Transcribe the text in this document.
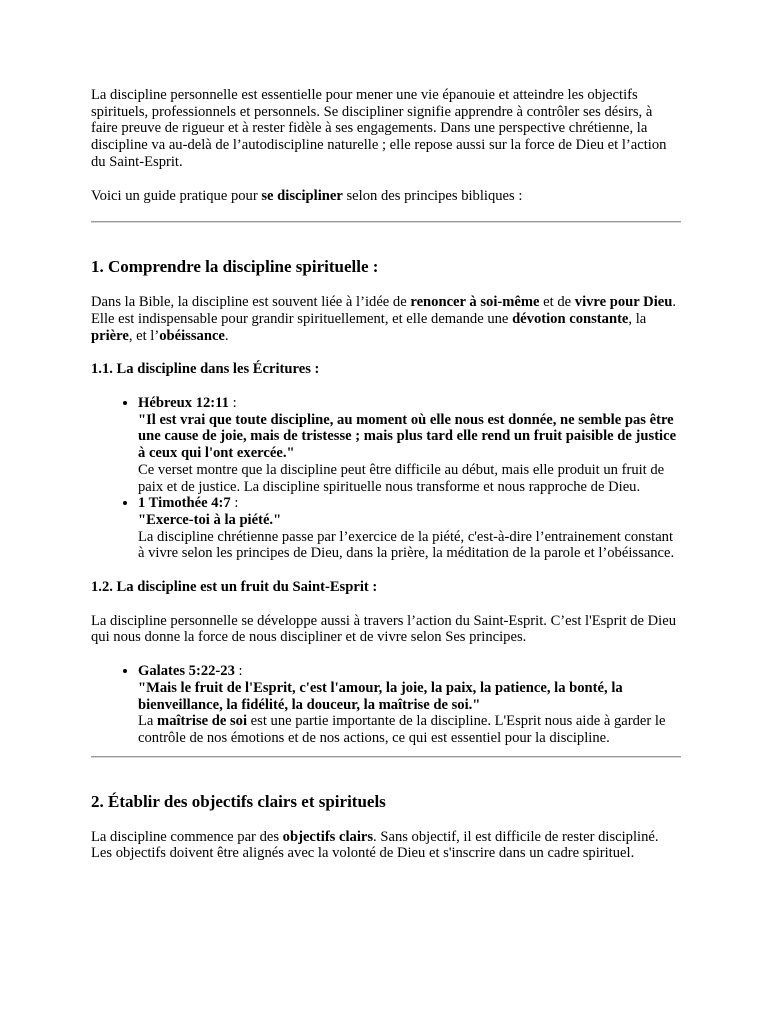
La discipline personnelle est essentielle pour mener une vie épanouie et atteindre les objectifs spirituels, professionnels et personnels. Se discipliner signifie apprendre à contrôler ses désirs, à faire preuve de rigueur et à rester fidèle à ses engagements. Dans une perspective chrétienne, la discipline va au-delà de l’autodiscipline naturelle ; elle repose aussi sur la force de Dieu et l’action du Saint-Esprit.

Voici un guide pratique pour se discipliner selon des principes bibliques :

1. Comprendre la discipline spirituelle :

Dans la Bible, la discipline est souvent liée à l’idée de renoncer à soi-même et de vivre pour Dieu. Elle est indispensable pour grandir spirituellement, et elle demande une dévotion constante, la prière, et l’obéissance.

1.1. La discipline dans les Écritures :
• Hébreux 12:11 :
"Il est vrai que toute discipline, au moment où elle nous est donnée, ne semble pas être une cause de joie, mais de tristesse ; mais plus tard elle rend un fruit paisible de justice à ceux qui l'ont exercée."
Ce verset montre que la discipline peut être difficile au début, mais elle produit un fruit de paix et de justice. La discipline spirituelle nous transforme et nous rapproche de Dieu.
• 1 Timothée 4:7 :
"Exerce-toi à la piété."
La discipline chrétienne passe par l’exercice de la piété, c'est-à-dire l’entrainement constant à vivre selon les principes de Dieu, dans la prière, la méditation de la parole et l’obéissance.
1.2. La discipline est un fruit du Saint-Esprit :

La discipline personnelle se développe aussi à travers l’action du Saint-Esprit. C’est l'Esprit de Dieu qui nous donne la force de nous discipliner et de vivre selon Ses principes.

• Galates 5:22-23 :
"Mais le fruit de l'Esprit, c'est l'amour, la joie, la paix, la patience, la bonté, la bienveillance, la fidélité, la douceur, la maîtrise de soi."
La maîtrise de soi est une partie importante de la discipline. L'Esprit nous aide à garder le contrôle de nos émotions et de nos actions, ce qui est essentiel pour la discipline.
2. Établir des objectifs clairs et spirituels

La discipline commence par des objectifs clairs. Sans objectif, il est difficile de rester discipliné. Les objectifs doivent être alignés avec la volonté de Dieu et s'inscrire dans un cadre spirituel.
